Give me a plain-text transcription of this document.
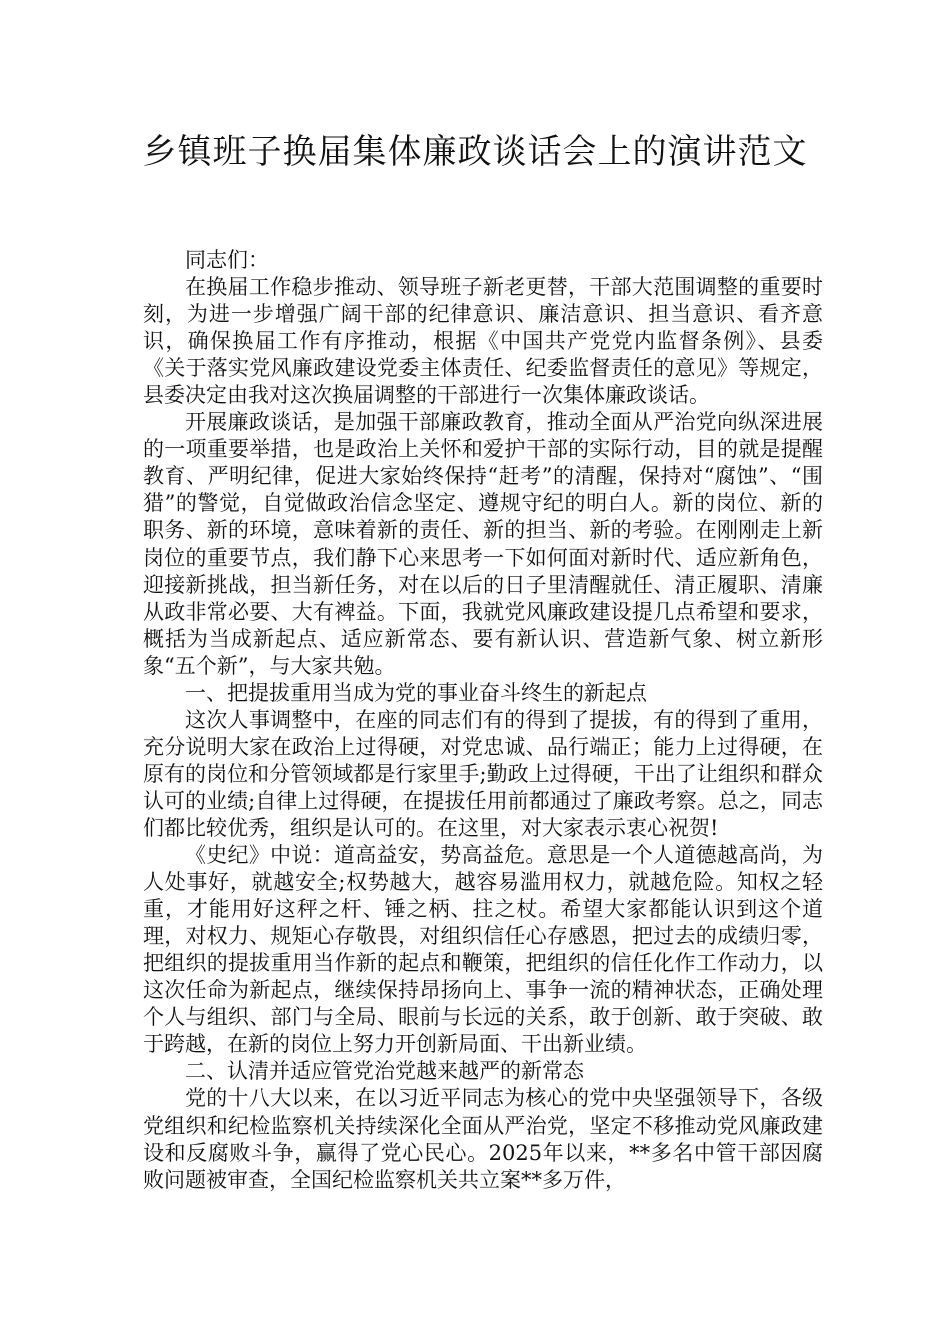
乡镇班子换届集体廉政谈话会上的演讲范文

同志们：

在换届工作稳步推动、领导班子新老更替，干部大范围调整的重要时刻，为进一步增强广阔干部的纪律意识、廉洁意识、担当意识、看齐意识，确保换届工作有序推动，根据《中国共产党党内监督条例》、县委《关于落实党风廉政建设党委主体责任、纪委监督责任的意见》等规定，县委决定由我对这次换届调整的干部进行一次集体廉政谈话。

开展廉政谈话，是加强干部廉政教育，推动全面从严治党向纵深进展的一项重要举措，也是政治上关怀和爱护干部的实际行动，目的就是提醒教育、严明纪律，促进大家始终保持“赶考”的清醒，保持对“腐蚀”、“围猎”的警觉，自觉做政治信念坚定、遵规守纪的明白人。新的岗位、新的职务、新的环境，意味着新的责任、新的担当、新的考验。在刚刚走上新岗位的重要节点，我们静下心来思考一下如何面对新时代、适应新角色，迎接新挑战，担当新任务，对在以后的日子里清醒就任、清正履职、清廉从政非常必要、大有裨益。下面，我就党风廉政建设提几点希望和要求，概括为当成新起点、适应新常态、要有新认识、营造新气象、树立新形象“五个新”，与大家共勉。

一、把提拔重用当成为党的事业奋斗终生的新起点

这次人事调整中，在座的同志们有的得到了提拔，有的得到了重用，充分说明大家在政治上过得硬，对党忠诚、品行端正；能力上过得硬，在原有的岗位和分管领域都是行家里手;勤政上过得硬，干出了让组织和群众认可的业绩;自律上过得硬，在提拔任用前都通过了廉政考察。总之，同志们都比较优秀，组织是认可的。在这里，对大家表示衷心祝贺!

《史纪》中说：道高益安，势高益危。意思是一个人道德越高尚，为人处事好，就越安全;权势越大，越容易滥用权力，就越危险。知权之轻重，才能用好这秤之杆、锤之柄、拄之杖。希望大家都能认识到这个道理，对权力、规矩心存敬畏，对组织信任心存感恩，把过去的成绩归零，把组织的提拔重用当作新的起点和鞭策，把组织的信任化作工作动力，以这次任命为新起点，继续保持昂扬向上、事争一流的精神状态，正确处理个人与组织、部门与全局、眼前与长远的关系，敢于创新、敢于突破、敢于跨越，在新的岗位上努力开创新局面、干出新业绩。

二、认清并适应管党治党越来越严的新常态

党的十八大以来，在以习近平同志为核心的党中央坚强领导下，各级党组织和纪检监察机关持续深化全面从严治党，坚定不移推动党风廉政建设和反腐败斗争，赢得了党心民心。2025年以来，**多名中管干部因腐败问题被审查，全国纪检监察机关共立案**多万件，
